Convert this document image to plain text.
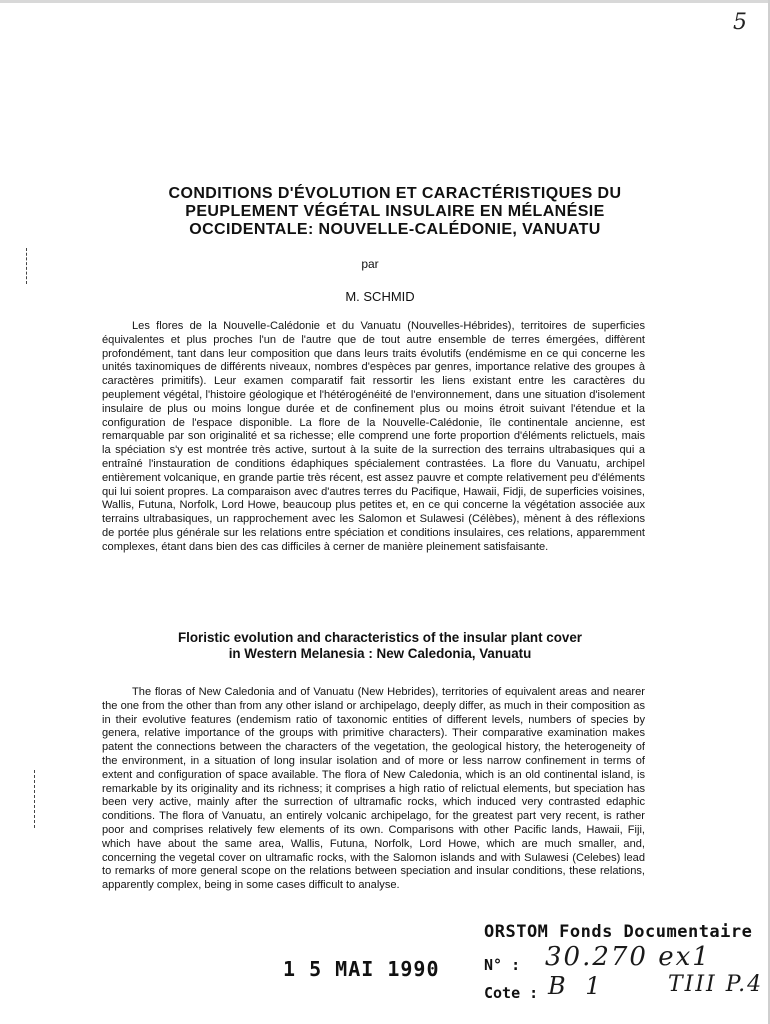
5
CONDITIONS D'ÉVOLUTION ET CARACTÉRISTIQUES DU
PEUPLEMENT VÉGÉTAL INSULAIRE EN MÉLANÉSIE
OCCIDENTALE: NOUVELLE-CALÉDONIE, VANUATU
par
M. SCHMID
Les flores de la Nouvelle-Calédonie et du Vanuatu (Nouvelles-Hébrides), territoires de superficies équivalentes et plus proches l'un de l'autre que de tout autre ensemble de terres émergées, diffèrent profondément, tant dans leur composition que dans leurs traits évolutifs (endémisme en ce qui concerne les unités taxinomiques de différents niveaux, nombres d'espèces par genres, importance relative des groupes à caractères primitifs). Leur examen comparatif fait ressortir les liens existant entre les caractères du peuplement végétal, l'histoire géologique et l'hétérogénéité de l'environnement, dans une situation d'isolement insulaire de plus ou moins longue durée et de confinement plus ou moins étroit suivant l'étendue et la configuration de l'espace disponible. La flore de la Nouvelle-Calédonie, île continentale ancienne, est remarquable par son originalité et sa richesse; elle comprend une forte proportion d'éléments relictuels, mais la spéciation s'y est montrée très active, surtout à la suite de la surrection des terrains ultrabasiques qui a entraîné l'instauration de conditions édaphiques spécialement contrastées. La flore du Vanuatu, archipel entièrement volcanique, en grande partie très récent, est assez pauvre et compte relativement peu d'éléments qui lui soient propres. La comparaison avec d'autres terres du Pacifique, Hawaii, Fidji, de superficies voisines, Wallis, Futuna, Norfolk, Lord Howe, beaucoup plus petites et, en ce qui concerne la végétation associée aux terrains ultrabasiques, un rapprochement avec les Salomon et Sulawesi (Célèbes), mènent à des réflexions de portée plus générale sur les relations entre spéciation et conditions insulaires, ces relations, apparemment complexes, étant dans bien des cas difficiles à cerner de manière pleinement satisfaisante.
Floristic evolution and characteristics of the insular plant cover
in Western Melanesia : New Caledonia, Vanuatu
The floras of New Caledonia and of Vanuatu (New Hebrides), territories of equivalent areas and nearer the one from the other than from any other island or archipelago, deeply differ, as much in their composition as in their evolutive features (endemism ratio of taxonomic entities of different levels, numbers of species by genera, relative importance of the groups with primitive characters). Their comparative examination makes patent the connections between the characters of the vegetation, the geological history, the heterogeneity of the environment, in a situation of long insular isolation and of more or less narrow confinement in terms of extent and configuration of space available. The flora of New Caledonia, which is an old continental island, is remarkable by its originality and its richness; it comprises a high ratio of relictual elements, but speciation has been very active, mainly after the surrection of ultramafic rocks, which induced very contrasted edaphic conditions. The flora of Vanuatu, an entirely volcanic archipelago, for the greatest part very recent, is rather poor and comprises relatively few elements of its own. Comparisons with other Pacific lands, Hawaii, Fiji, which have about the same area, Wallis, Futuna, Norfolk, Lord Howe, which are much smaller, and, concerning the vegetal cover on ultramafic rocks, with the Salomon islands and with Sulawesi (Celebes) lead to remarks of more general scope on the relations between speciation and insular conditions, these relations, apparently complex, being in some cases difficult to analyse.
1 5 MAI 1990
ORSTOM Fonds Documentaire
N° :
Cote :
30.270 ex1
B 1	TIII P.4
